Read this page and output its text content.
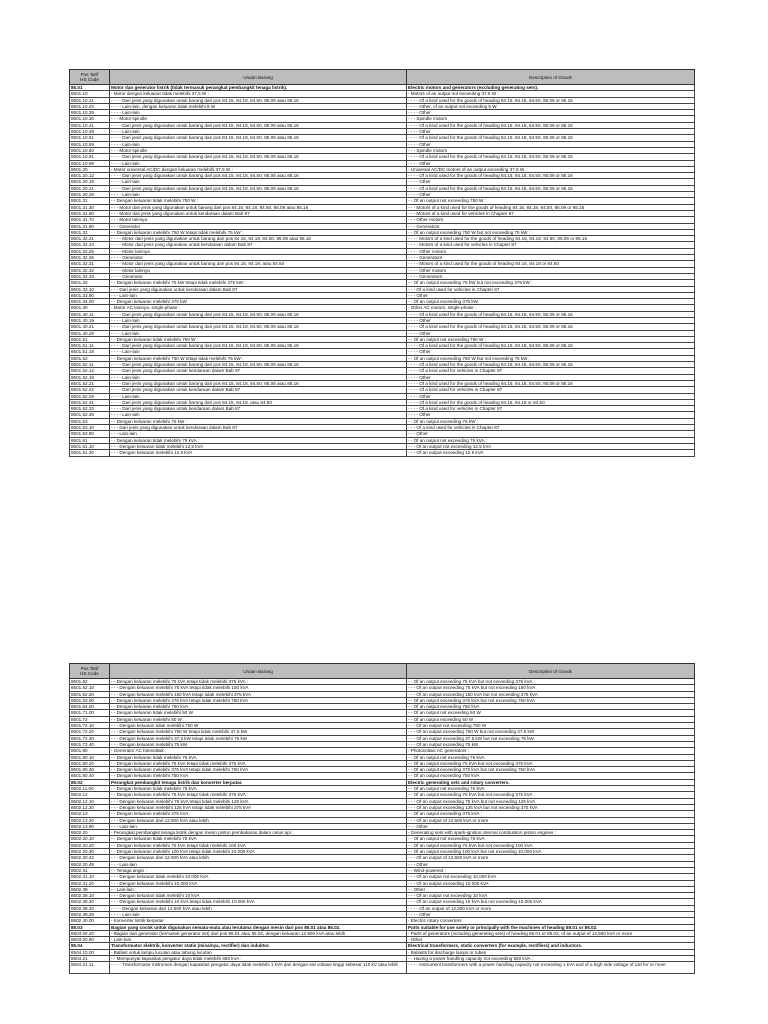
Pos Tarif
HS Code	Uraian Barang	Description of Goods
85.01	Motor dan generator listrik (tidak termasuk perangkat pembangkit tenaga listrik).	Electric motors and generators (excluding generating sets).
8501.10	- Motor dengan keluaran tidak melebihi 37,5 W :	- Motors of an output not exceeding 37.5 W :
8501.10.21	- - - - Dari jenis yang digunakan untuk barang dari pos 84.15, 84.18, 84.50, 85.09 atau 85.16	- - - - Of a kind used for the goods of heading 84.15, 84.18, 84.50, 85.09 or 85.16
8501.10.22	- - - - Lain-lain, dengan keluaran tidak melebihi 5 W	- - - - Other, of an output not exceeding 5 W
8501.10.29	- - - - Lain-lain	- - - - Other
8501.10.30	- - - Motor spindle	- - - Spindle motors
8501.10.41	- - - - Dari jenis yang digunakan untuk barang dari pos 84.15, 84.18, 84.50, 85.09 atau 85.16	- - - - Of a kind used for the goods of heading 84.15, 84.18, 84.50, 85.09 or 85.16
8501.10.49	- - - - Lain-lain	- - - - Other
8501.10.51	- - - - Dari jenis yang digunakan untuk barang dari pos 84.15, 84.18, 84.50, 85.09 atau 85.16	- - - - Of a kind used for the goods of heading 84.15, 84.18, 84.50, 85.09 or 85.16
8501.10.59	- - - - Lain-lain	- - - - Other
8501.10.60	- - - Motor spindle	- - - Spindle motors
8501.10.91	- - - - Dari jenis yang digunakan untuk barang dari pos 84.15, 84.18, 84.50, 85.09 atau 85.16	- - - - Of a kind used for the goods of heading 84.15, 84.18, 84.50, 85.09 or 85.16
8501.10.99	- - - - Lain-lain	- - - - Other
8501.20	- Motor universal AC/DC dengan keluaran melebihi 37,5 W :	- Universal AC/DC motors of an output exceeding 37.5 W :
8501.20.12	- - - - Dari jenis yang digunakan untuk barang dari pos 84.15, 84.18, 84.50, 85.09 atau 85.16	- - - - Of a kind used for the goods of heading 84.15, 84.18, 84.50, 85.09 or 85.16
8501.20.19	- - - - Lain-lain	- - - - Other
8501.20.21	- - - - Dari jenis yang digunakan untuk barang dari pos 84.15, 84.18, 84.50, 85.09 atau 85.16	- - - - Of a kind used for the goods of heading 84.15, 84.18, 84.50, 85.09 or 85.16
8501.20.29	- - - - Lain-lain	- - - - Other
8501.31	- - Dengan keluaran tidak melebihi 750 W :	- - Of an output not exceeding 750 W :
8501.31.30	- - - Motor dari jenis yang digunakan untuk barang dari pos 84.15, 84.18, 84.50, 85.09 atau 85.16	- - - Motors of a kind used for the goods of heading 84.15, 84.18, 84.50, 85.09 or 85.16
8501.31.60	- - - Motor dari jenis yang digunakan untuk kendaraan dalam Bab 87	- - - Motors of a kind used for vehicles in Chapter 87
8501.31.70	- - - Motor lainnya	- - - Other motors
8501.31.80	- - - Generator	- - - Generators
8501.32	- - Dengan keluaran melebihi 750 W tetapi tidak melebihi 75 kW :	- - Of an output exceeding 750 W but not exceeding 75 kW :
8501.32.21	- - - - Motor dari jenis yang digunakan untuk barang dari pos 84.15, 84.18, 84.50, 85.09 atau 85.16	- - - - Motors of a kind used for the goods of heading 84.15, 84.18, 84.50, 85.09 or 85.16
8501.32.24	- - - - Motor dari jenis yang digunakan untuk kendaraan dalam Bab 87	- - - - Motors of a kind used for vehicles in Chapter 87
8501.32.25	- - - - Motor lainnya	- - - - Other motors
8501.32.26	- - - - Generator	- - - - Generators
8501.32.31	- - - - Motor dari jenis yang digunakan untuk barang dari pos 84.15, 84.18, atau 84.50	- - - - Motors of a kind used for the goods of heading 84.15, 84.18 or 84.50
8501.32.32	- - - - Motor lainnya	- - - - Other motors
8501.32.33	- - - - Generator	- - - - Generators
8501.33	- - Dengan keluaran melebihi 75 kW tetapi tidak melebihi 375 kW :	- - Of an output exceeding 75 kW but not exceeding 375 kW :
8501.33.10	- - - Dari jenis yang digunakan untuk kendaraan dalam Bab 87	- - - Of a kind used for vehicles in Chapter 87
8501.33.90	- - - Lain-lain	- - - Other
8501.34.00	- - Dengan keluaran melebihi 375 kW	- - Of an output exceeding 375 kW
8501.40	- Motor AC lainnya, single-phase :	- Other AC motors, single-phase :
8501.40.11	- - - - Dari jenis yang digunakan untuk barang dari pos 84.15, 84.18, 84.50, 85.09 atau 85.16	- - - - Of a kind used for the goods of heading 84.15, 84.18, 84.50, 85.09 or 85.16
8501.40.19	- - - - Lain-lain	- - - - Other
8501.40.21	- - - - Dari jenis yang digunakan untuk barang dari pos 84.15, 84.18, 84.50, 85.09 atau 85.16	- - - - Of a kind used for the goods of heading 84.15, 84.18, 84.50, 85.09 or 85.16
8501.40.29	- - - - Lain-lain	- - - - Other
8501.51	- - Dengan keluaran tidak melebihi 750 W :	- - Of an output not exceeding 750 W :
8501.51.11	- - - - Dari jenis yang digunakan untuk barang dari pos 84.15, 84.18, 84.50, 85.09 atau 85.16	- - - - Of a kind used for the goods of heading 84.15, 84.18, 84.50, 85.09 or 85.16
8501.51.19	- - - - Lain-lain	- - - - Other
8501.52	- - Dengan keluaran melebihi 750 W tetapi tidak melebihi 75 kW :	- - Of an output exceeding 750 W but not exceeding 75 kW :
8501.52.11	- - - - Dari jenis yang digunakan untuk barang dari pos 84.15, 84.18, 84.50, 85.09 atau 85.16	- - - - Of a kind used for the goods of heading 84.15, 84.18, 84.50, 85.09 or 85.16
8501.52.12	- - - - Dari jenis yang digunakan untuk kendaraan dalam Bab 87	- - - - Of a kind used for vehicles in Chapter 87
8501.52.19	- - - - Lain-lain	- - - - Other
8501.52.21	- - - - Dari jenis yang digunakan untuk barang dari pos 84.15, 84.18, 84.50, 85.09 atau 85.16	- - - - Of a kind used for the goods of heading 84.15, 84.18, 84.50, 85.09 or 85.16
8501.52.22	- - - - Dari jenis yang digunakan untuk kendaraan dalam Bab 87	- - - - Of a kind used for vehicles in Chapter 87
8501.52.29	- - - - Lain-lain	- - - - Other
8501.52.31	- - - - Dari jenis yang digunakan untuk barang dari pos 84.15, 84.18, atau 84.50	- - - - Of a kind used for the goods of heading 84.15, 84.18 or 84.50
8501.52.32	- - - - Dari jenis yang digunakan untuk kendaraan dalam Bab 87	- - - - Of a kind used for vehicles in Chapter 87
8501.52.39	- - - - Lain-lain	- - - - Other
8501.53	- - Dengan keluaran melebihi 75 kW :	- - Of an output exceeding 75 kW :
8501.53.10	- - - Dari jenis yang digunakan untuk kendaraan dalam Bab 87	- - - Of a kind used for vehicles in Chapter 87
8501.53.90	- - - Lain-lain	- - - Other
8501.61	- - Dengan keluaran tidak melebihi 75 kVA :	- - Of an output not exceeding 75 kVA :
8501.61.10	- - - Dengan keluaran tidak melebihi 12,5 kVA	- - - Of an output not exceeding 12.5 kVA
8501.61.20	- - - Dengan keluaran melebihi 12,5 kVA	- - - Of an output exceeding 12.5 kVA
Pos Tarif
HS Code	Uraian Barang	Description of Goods
8501.62	- - Dengan keluaran melebihi 75 kVA tetapi tidak melebihi 375 kVA :	- - Of an output exceeding 75 kVA but not exceeding 375 kVA :
8501.62.10	- - - Dengan keluaran melebihi 75 kVA tetapi tidak melebihi 150 kVA	- - - Of an output exceeding 75 kVA but not exceeding 150 kVA
8501.62.20	- - - Dengan keluaran melebihi 150 kVA tetapi tidak melebihi 375 kVA	- - - Of an output exceeding 150 kVA but not exceeding 375 kVA
8501.63.00	- - Dengan keluaran melebihi 375 kVA tetapi tidak melebihi 750 kVA	- - Of an output exceeding 375 kVA but not exceeding 750 kVA
8501.64.00	- - Dengan keluaran melebihi 750 kVA	- - Of an output exceeding 750 kVA
8501.71.00	- - Dengan keluaran tidak melebihi 50 W	- - Of an output not exceeding 50 W
8501.72	- - Dengan keluaran melebihi 50 W :	- - Of an output exceeding 50 W :
8501.72.10	- - - Dengan keluaran tidak melebihi 750 W	- - - Of an output not exceeding 750 W
8501.72.20	- - - Dengan keluaran melebihi 750 W tetapi tidak melebihi 37,5 kW	- - - Of an output exceeding 750 W but not exceeding 37.5 kW
8501.72.30	- - - Dengan keluaran melebihi 37,5 kW tetapi tidak melebihi 75 kW	- - - Of an output exceeding 37.5 kW but not exceeding 75 kW
8501.72.40	- - - Dengan keluaran melebihi 75 kW	- - - Of an output exceeding 75 kW
8501.80	- Generator AC fotovoltaik :	- Photovoltaic AC generators :
8501.80.10	- - Dengan keluaran tidak melebihi 75 kVA	- - Of an output not exceeding 75 kVA
8501.80.20	- - Dengan keluaran melebihi 75 kVA tetapi tidak melebihi 375 kVA	- - Of an output exceeding 75 kVA but not exceeding 375 kVA
8501.80.30	- - Dengan keluaran melebihi 375 kVA tetapi tidak melebihi 750 kVA	- - Of an output exceeding 375 kVA but not exceeding 750 kVA
8501.80.40	- - Dengan keluaran melebihi 750 kVA	- - Of an output exceeding 750 kVA
85.02	Perangkat pembangkit tenaga listrik dan konverter berputar.	Electric generating sets and rotary converters.
8502.11.00	- - Dengan keluaran tidak melebihi 75 kVA	- - Of an output not exceeding 75 kVA
8502.12	- - Dengan keluaran melebihi 75 kVA tetapi tidak melebihi 375 kVA :	- - Of an output exceeding 75 kVA but not exceeding 375 kVA :
8502.12.10	- - - Dengan keluaran melebihi 75 kVA tetapi tidak melebihi 125 kVA	- - - Of an output exceeding 75 kVA but not exceeding 125 kVA
8502.12.20	- - - Dengan keluaran melebihi 125 kVA tetapi tidak melebihi 375 kVA	- - - Of an output exceeding 125 kVA but not exceeding 375 kVA
8502.13	- - Dengan keluaran melebihi 375 kVA :	- - Of an output exceeding 375 kVA :
8502.13.20	- - - Dengan keluaran dari 12.500 kVA atau lebih	- - - Of an output of 12,500 kVA or more
8502.13.90	- - - Lain-lain	- - - Other
8502.20	- Perangkat pembangkit tenaga listrik dengan mesin piston pembakaran dalam cetus api :	- Generating sets with spark-ignition internal combustion piston engines :
8502.20.10	- - Dengan keluaran tidak melebihi 75 kVA	- - Of an output not exceeding 75 kVA
8502.20.20	- - Dengan keluaran melebihi 75 kVA tetapi tidak melebihi 100 kVA	- - Of an output exceeding 75 kVA but not exceeding 100 kVA
8502.20.30	- - Dengan keluaran melebihi 100 kVA tetapi tidak melebihi 10.000 kVA	- - Of an output exceeding 100 kVA but not exceeding 10,000 kVA
8502.20.42	- - - Dengan keluaran dari 12.500 kVA atau lebih	- - - Of an output of 12,500 kVA or more
8502.20.49	- - - Lain-lain	- - - Other
8502.31	- - Tenaga angin :	- - Wind-powered :
8502.31.10	- - - Dengan keluaran tidak melebihi 10.000 kVA	- - - Of an output not exceeding 10,000 kVA
8502.31.20	- - - Dengan keluaran melebihi 10.000 kVA	- - - Of an output exceeding 10,000 kVA
8502.39	- - Lain-lain :	- - Other :
8502.39.10	- - - Dengan keluaran tidak melebihi 10 kVA	- - - Of an output not exceeding 10 kVA
8502.39.20	- - - Dengan keluaran melebihi 10 kVA tetapi tidak melebihi 10.000 kVA	- - - Of an output exceeding 10 kVA but not exceeding 10,000 kVA
8502.39.32	- - - - Dengan keluaran dari 12.500 kVA atau lebih	- - - - Of an output of 12,500 kVA or more
8502.39.39	- - - - Lain-lain	- - - - Other
8502.40.00	- Konverter listrik berputar	- Electric rotary converters
85.03	Bagian yang cocok untuk digunakan semata-mata atau terutama dengan mesin dari pos 85.01 atau 85.02.	Parts suitable for use solely or principally with the machines of heading 85.01 or 85.02.
8503.00.20	- Bagian dari generator (termasuk generator set) dari pos 85.01 atau 85.02, dengan keluaran 12.500 kVA atau lebih	- Parts of generators (including generating sets) of heading 85.01 or 85.02, of an output of 12,500 kVA or more
8503.00.90	- Lain-lain	- Other
85.04	Transformator elektrik, konverter statis (misalnya, rectifier) dan induktor.	Electrical transformers, static converters (for example, rectifiers) and inductors.
8504.10.00	- Ballast untuk lampu lucutan atau tabung lucutan	- Ballasts for discharge lamps or tubes
8504.21	- - Mempunyai kapasitas pengatur daya tidak melebihi 650 kVA :	- - Having a power handling capacity not exceeding 650 kVA :
8504.21.11	- - - - Transformator instrumen dengan kapasitas pengatur daya tidak melebihi 1 kVA dan dengan sisi voltase tinggi sebesar 110 kV atau lebih	- - - - Instrument transformers with a power handling capacity not exceeding 1 kVA and of a high side voltage of 110 kV or more
